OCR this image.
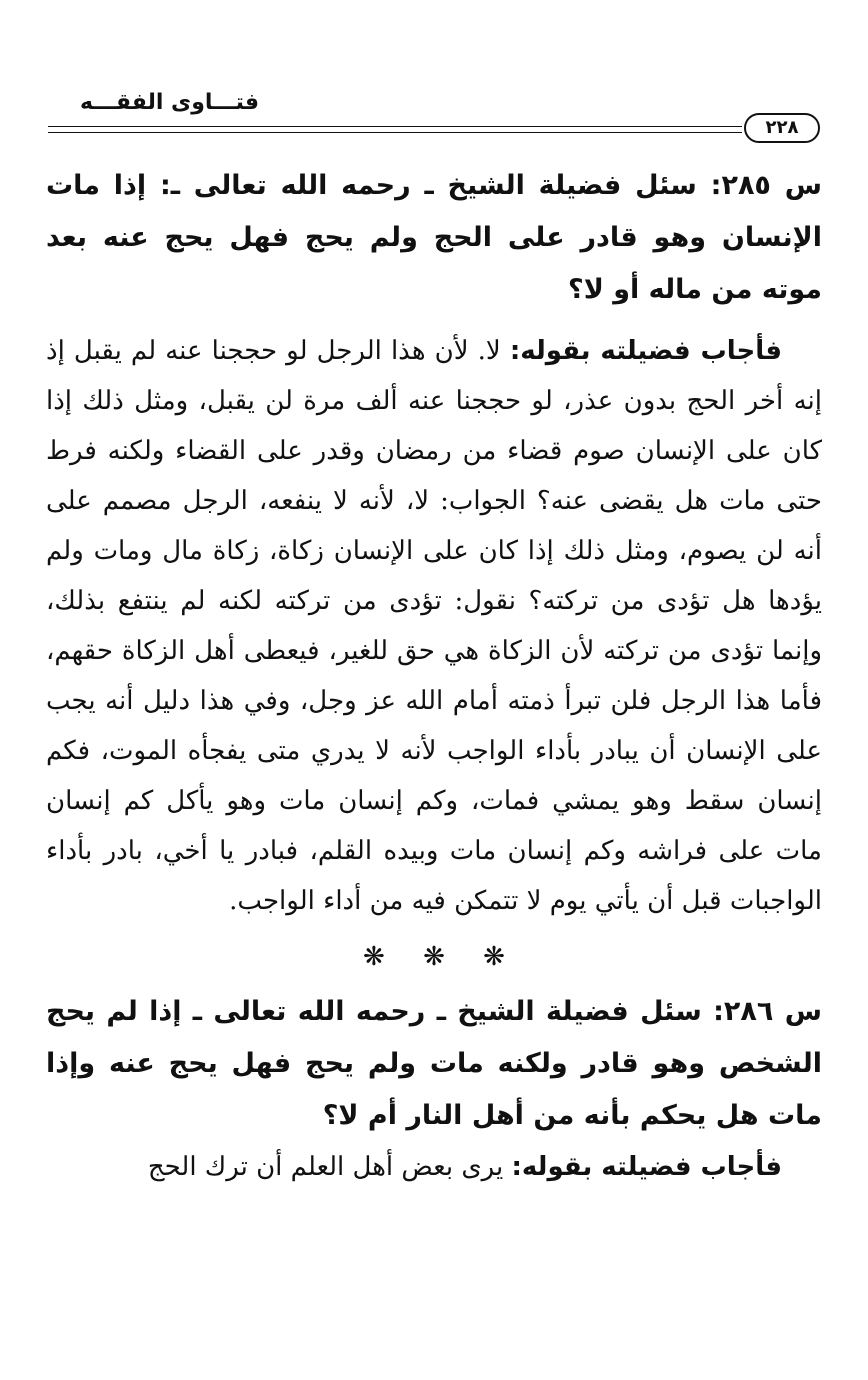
فتـــاوى الفقـــه
٢٢٨

س ٢٨٥: سئل فضيلة الشيخ ـ رحمه الله تعالى ـ: إذا مات الإنسان وهو قادر على الحج ولم يحج فهل يحج عنه بعد موته من ماله أو لا؟

فأجاب فضيلته بقوله: لا. لأن هذا الرجل لو حججنا عنه لم يقبل إذ إنه أخر الحج بدون عذر، لو حججنا عنه ألف مرة لن يقبل، ومثل ذلك إذا كان على الإنسان صوم قضاء من رمضان وقدر على القضاء ولكنه فرط حتى مات هل يقضى عنه؟ الجواب: لا، لأنه لا ينفعه، الرجل مصمم على أنه لن يصوم، ومثل ذلك إذا كان على الإنسان زكاة، زكاة مال ومات ولم يؤدها هل تؤدى من تركته؟ نقول: تؤدى من تركته لكنه لم ينتفع بذلك، وإنما تؤدى من تركته لأن الزكاة هي حق للغير، فيعطى أهل الزكاة حقهم، فأما هذا الرجل فلن تبرأ ذمته أمام الله عز وجل، وفي هذا دليل أنه يجب على الإنسان أن يبادر بأداء الواجب لأنه لا يدري متى يفجأه الموت، فكم إنسان سقط وهو يمشي فمات، وكم إنسان مات وهو يأكل كم إنسان مات على فراشه وكم إنسان مات وبيده القلم، فبادر يا أخي، بادر بأداء الواجبات قبل أن يأتي يوم لا تتمكن فيه من أداء الواجب.

❋ ❋ ❋

س ٢٨٦: سئل فضيلة الشيخ ـ رحمه الله تعالى ـ إذا لم يحج الشخص وهو قادر ولكنه مات ولم يحج فهل يحج عنه وإذا مات هل يحكم بأنه من أهل النار أم لا؟

فأجاب فضيلته بقوله: يرى بعض أهل العلم أن ترك الحج
